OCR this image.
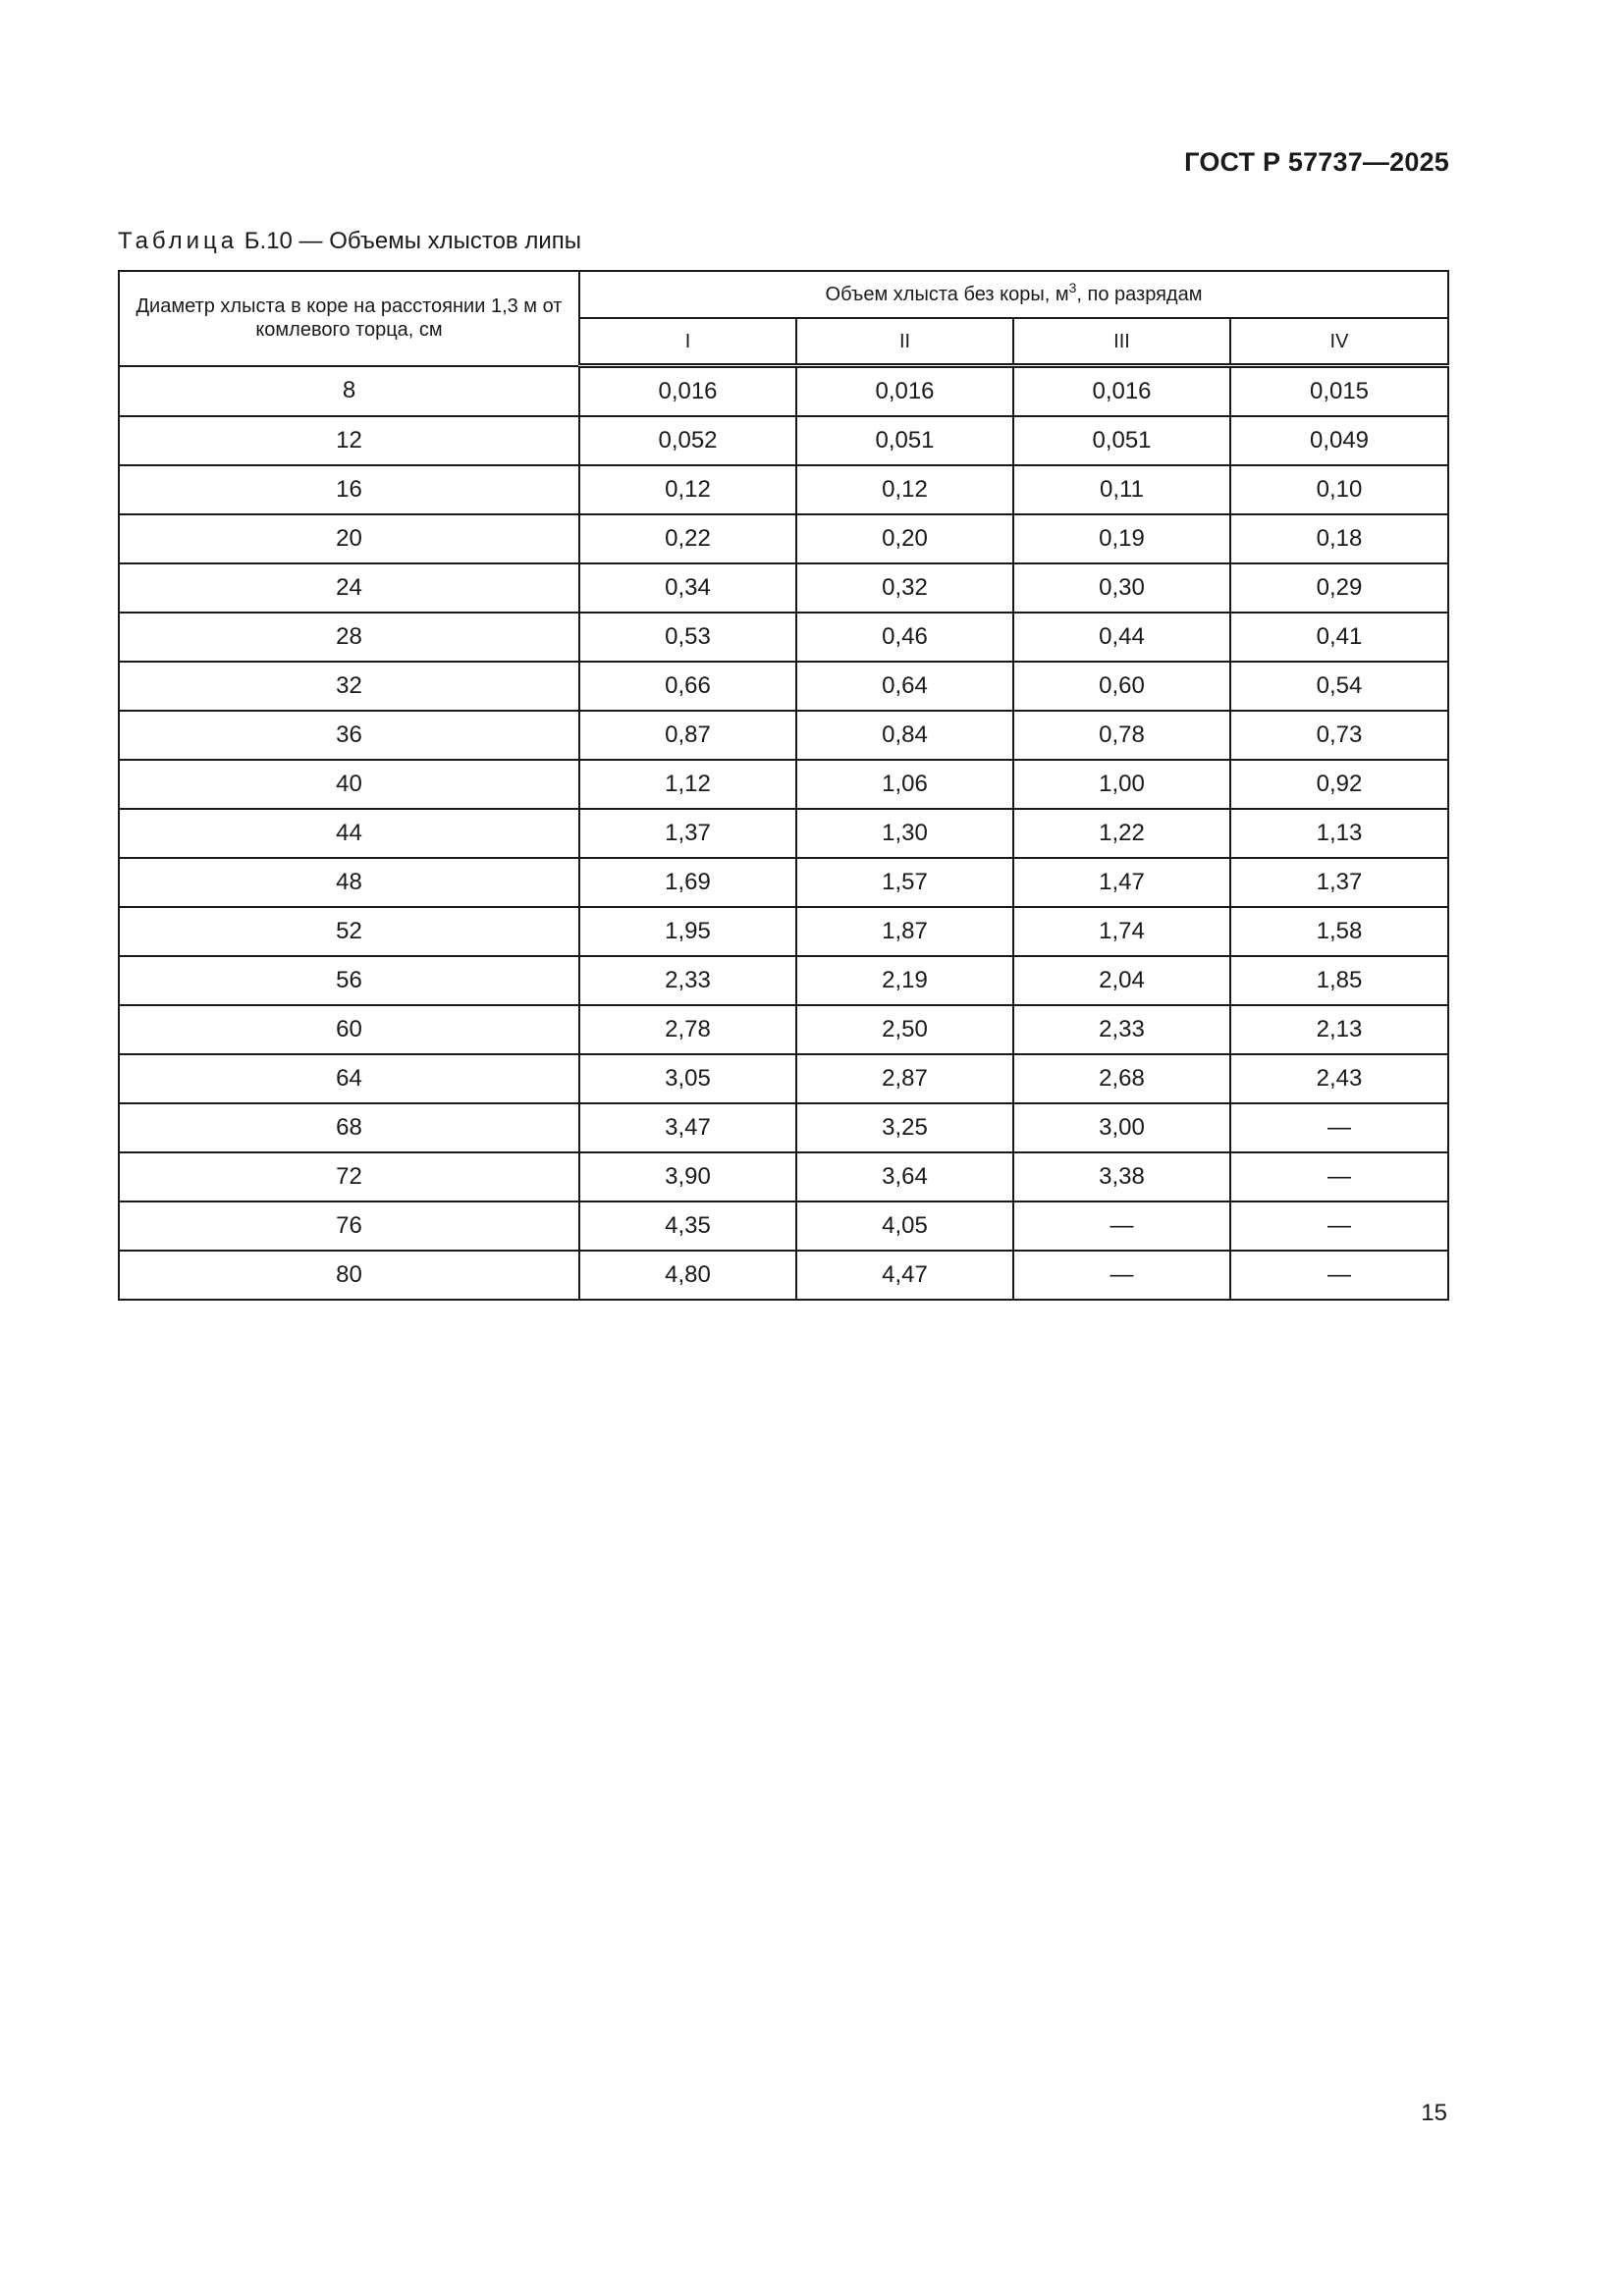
ГОСТ Р 57737—2025
Таблица Б.10 — Объемы хлыстов липы
Диаметр хлыста в коре на расстоянии 1,3 м от комлевого торца, см	Объем хлыста без коры, $м^3$, по разрядам			
	I	II	III	IV
8	0,016	0,016	0,016	0,015
12	0,052	0,051	0,051	0,049
16	0,12	0,12	0,11	0,10
20	0,22	0,20	0,19	0,18
24	0,34	0,32	0,30	0,29
28	0,53	0,46	0,44	0,41
32	0,66	0,64	0,60	0,54
36	0,87	0,84	0,78	0,73
40	1,12	1,06	1,00	0,92
44	1,37	1,30	1,22	1,13
48	1,69	1,57	1,47	1,37
52	1,95	1,87	1,74	1,58
56	2,33	2,19	2,04	1,85
60	2,78	2,50	2,33	2,13
64	3,05	2,87	2,68	2,43
68	3,47	3,25	3,00	—
72	3,90	3,64	3,38	—
76	4,35	4,05	—	—
80	4,80	4,47	—	—
15
